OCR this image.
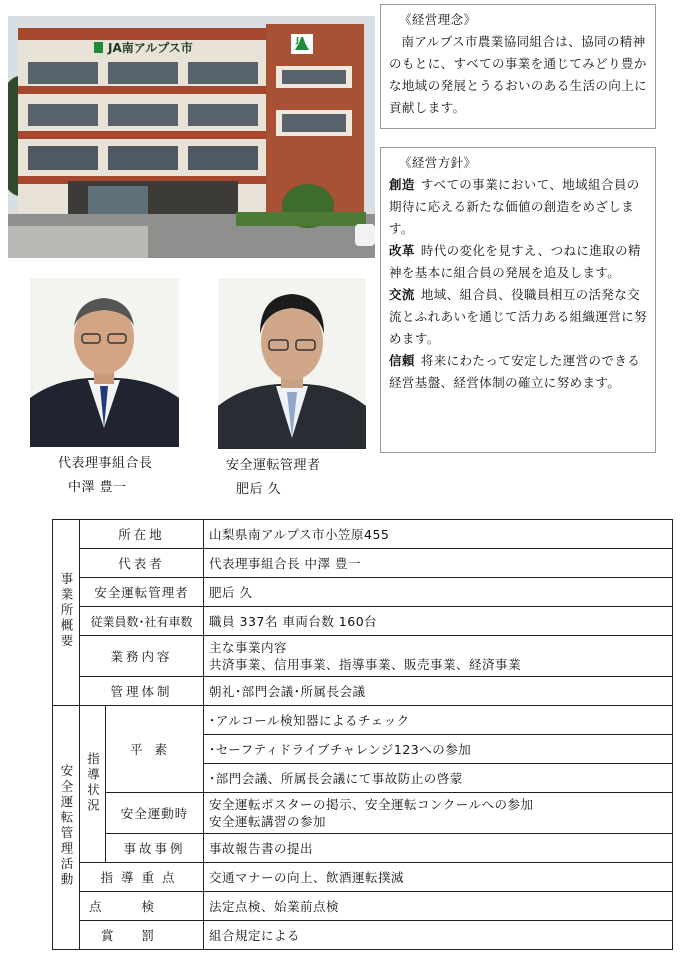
JA南アルプス市
JA
《経営理念》

南アルプス市農業協同組合は、協同の精神のもとに、すべての事業を通じてみどり豊かな地域の発展とうるおいのある生活の向上に貢献します。

《経営方針》

創造 すべての事業において、地域組合員の期待に応える新たな価値の創造をめざします。

改革 時代の変化を見すえ、つねに進取の精神を基本に組合員の発展を追及します。

交流 地域、組合員、役職員相互の活発な交流とふれあいを通じて活力ある組織運営に努めます。

信頼 将来にわたって安定した運営のできる経営基盤、経営体制の確立に努めます。

代表理事組合長
中澤 豊一
安全運転管理者
肥后 久
事業所概要	所在地		山梨県南アルプス市小笠原455
	代表者		代表理事組合長 中澤 豊一
	安全運転管理者		肥后 久
	従業員数･社有車数		職員 337名 車両台数 160台
	業務内容		主な事業内容
共済事業、信用事業、指導事業、販売事業、経済事業

	管理体制		朝礼･部門会議･所属長会議
安全運転管理活動	指導状況	平素	･アルコール検知器によるチェック
			･セーフティドライブチャレンジ123への参加
			･部門会議、所属長会議にて事故防止の啓蒙
		安全運動時	安全運転ポスターの掲示、安全運転コンクールへの参加
安全運転講習の参加

		事故事例	事故報告書の提出
	指導重点		交通マナーの向上、飲酒運転撲滅
	点検		法定点検、始業前点検
	賞罰		組合規定による
